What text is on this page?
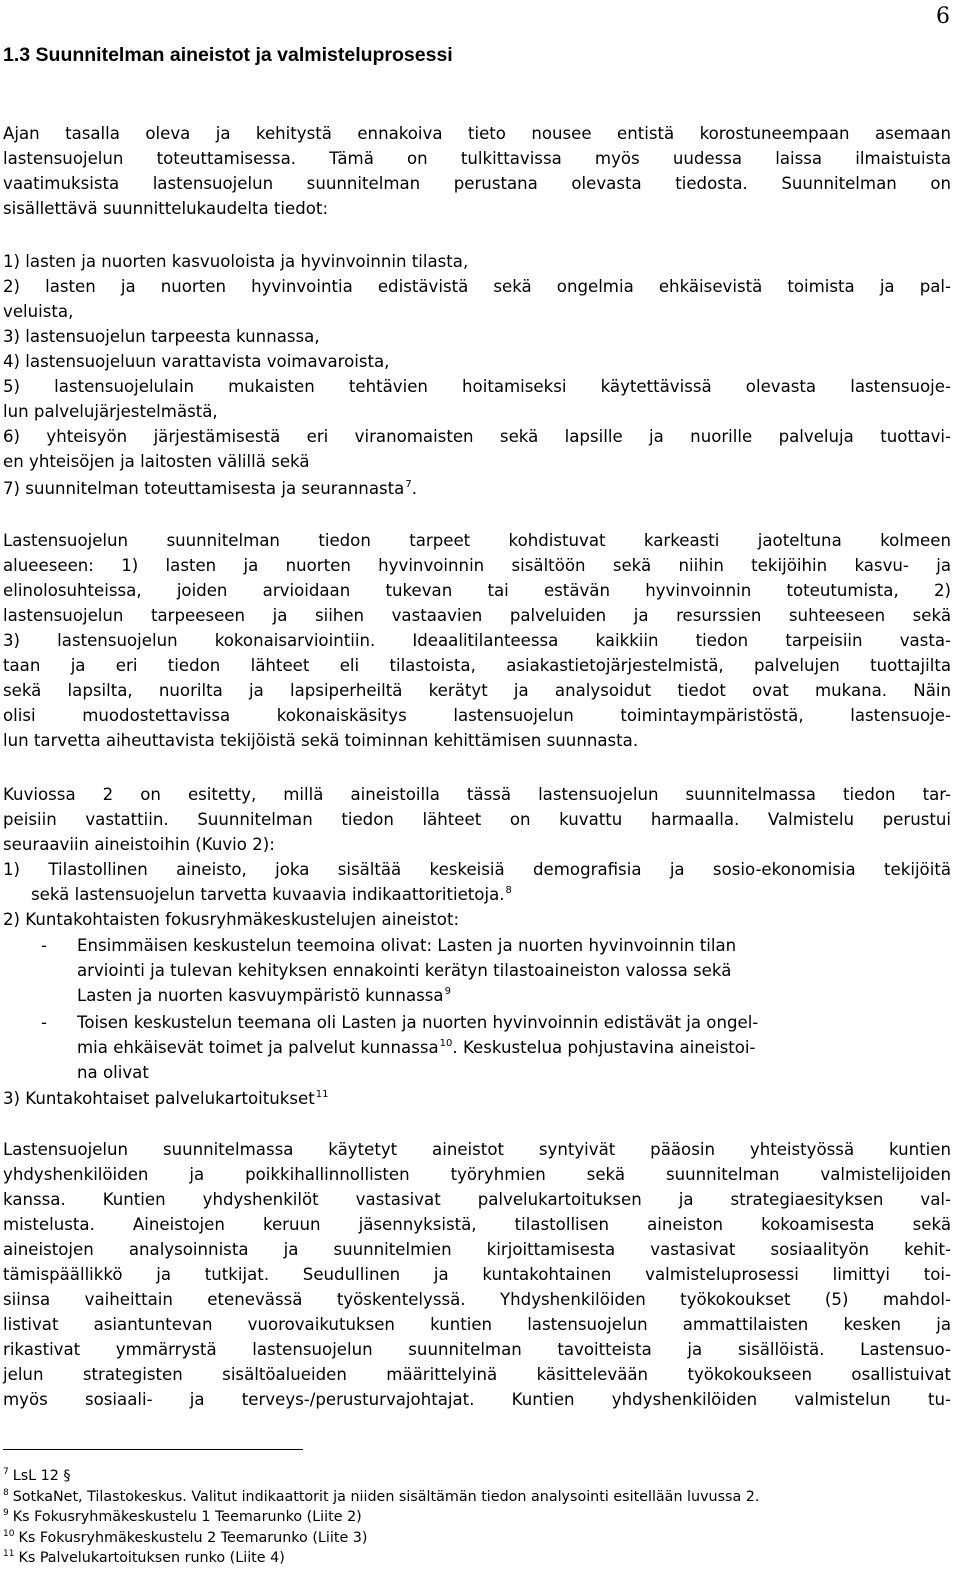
6
1.3 Suunnitelman aineistot ja valmisteluprosessi
Ajan tasalla oleva ja kehitystä ennakoiva tieto nousee entistä korostuneempaan asemaan
lastensuojelun toteuttamisessa. Tämä on tulkittavissa myös uudessa laissa ilmaistuista
vaatimuksista lastensuojelun suunnitelman perustana olevasta tiedosta. Suunnitelman on
sisällettävä suunnittelukaudelta tiedot:
1) lasten ja nuorten kasvuoloista ja hyvinvoinnin tilasta,
2) lasten ja nuorten hyvinvointia edistävistä sekä ongelmia ehkäisevistä toimista ja pal-
veluista,
3) lastensuojelun tarpeesta kunnassa,
4) lastensuojeluun varattavista voimavaroista,
5) lastensuojelulain mukaisten tehtävien hoitamiseksi käytettävissä olevasta lastensuoje-
lun palvelujärjestelmästä,
6) yhteisyön järjestämisestä eri viranomaisten sekä lapsille ja nuorille palveluja tuottavi-
en yhteisöjen ja laitosten välillä sekä
7) suunnitelman toteuttamisesta ja seurannasta$^7$.
Lastensuojelun suunnitelman tiedon tarpeet kohdistuvat karkeasti jaoteltuna kolmeen
alueeseen: 1) lasten ja nuorten hyvinvoinnin sisältöön sekä niihin tekijöihin kasvu- ja
elinolosuhteissa, joiden arvioidaan tukevan tai estävän hyvinvoinnin toteutumista, 2)
lastensuojelun tarpeeseen ja siihen vastaavien palveluiden ja resurssien suhteeseen sekä
3) lastensuojelun kokonaisarviointiin. Ideaalitilanteessa kaikkiin tiedon tarpeisiin vasta-
taan ja eri tiedon lähteet eli tilastoista, asiakastietojärjestelmistä, palvelujen tuottajilta
sekä lapsilta, nuorilta ja lapsiperheiltä kerätyt ja analysoidut tiedot ovat mukana. Näin
olisi muodostettavissa kokonaiskäsitys lastensuojelun toimintaympäristöstä, lastensuoje-
lun tarvetta aiheuttavista tekijöistä sekä toiminnan kehittämisen suunnasta.
Kuviossa 2 on esitetty, millä aineistoilla tässä lastensuojelun suunnitelmassa tiedon tar-
peisiin vastattiin. Suunnitelman tiedon lähteet on kuvattu harmaalla. Valmistelu perustui
seuraaviin aineistoihin (Kuvio 2):
1) Tilastollinen aineisto, joka sisältää keskeisiä demografisia ja sosio-ekonomisia tekijöitä
sekä lastensuojelun tarvetta kuvaavia indikaattoritietoja.$^8$
2) Kuntakohtaisten fokusryhmäkeskustelujen aineistot:
- Ensimmäisen keskustelun teemoina olivat: Lasten ja nuorten hyvinvoinnin tilan
arviointi ja tulevan kehityksen ennakointi kerätyn tilastoaineiston valossa sekä
Lasten ja nuorten kasvuympäristö kunnassa$^9$
- Toisen keskustelun teemana oli Lasten ja nuorten hyvinvoinnin edistävät ja ongel-
mia ehkäisevät toimet ja palvelut kunnassa$^{10}$. Keskustelua pohjustavina aineistoi-
na olivat
3) Kuntakohtaiset palvelukartoitukset$^{11}$
Lastensuojelun suunnitelmassa käytetyt aineistot syntyivät pääosin yhteistyössä kuntien
yhdyshenkilöiden ja poikkihallinnollisten työryhmien sekä suunnitelman valmistelijoiden
kanssa. Kuntien yhdyshenkilöt vastasivat palvelukartoituksen ja strategiaesityksen val-
mistelusta. Aineistojen keruun jäsennyksistä, tilastollisen aineiston kokoamisesta sekä
aineistojen analysoinnista ja suunnitelmien kirjoittamisesta vastasivat sosiaalityön kehit-
tämispäällikkö ja tutkijat. Seudullinen ja kuntakohtainen valmisteluprosessi limittyi toi-
siinsa vaiheittain etenevässä työskentelyssä. Yhdyshenkilöiden työkokoukset (5) mahdol-
listivat asiantuntevan vuorovaikutuksen kuntien lastensuojelun ammattilaisten kesken ja
rikastivat ymmärrystä lastensuojelun suunnitelman tavoitteista ja sisällöistä. Lastensuo-
jelun strategisten sisältöalueiden määrittelyinä käsittelevään työkokoukseen osallistuivat
myös sosiaali- ja terveys-/perusturvajohtajat. Kuntien yhdyshenkilöiden valmistelun tu-
$^7$ LsL 12 §
$^8$ SotkaNet, Tilastokeskus. Valitut indikaattorit ja niiden sisältämän tiedon analysointi esitellään luvussa 2.
$^9$ Ks Fokusryhmäkeskustelu 1 Teemarunko (Liite 2)
$^{10}$ Ks Fokusryhmäkeskustelu 2 Teemarunko (Liite 3)
$^{11}$ Ks Palvelukartoituksen runko (Liite 4)
